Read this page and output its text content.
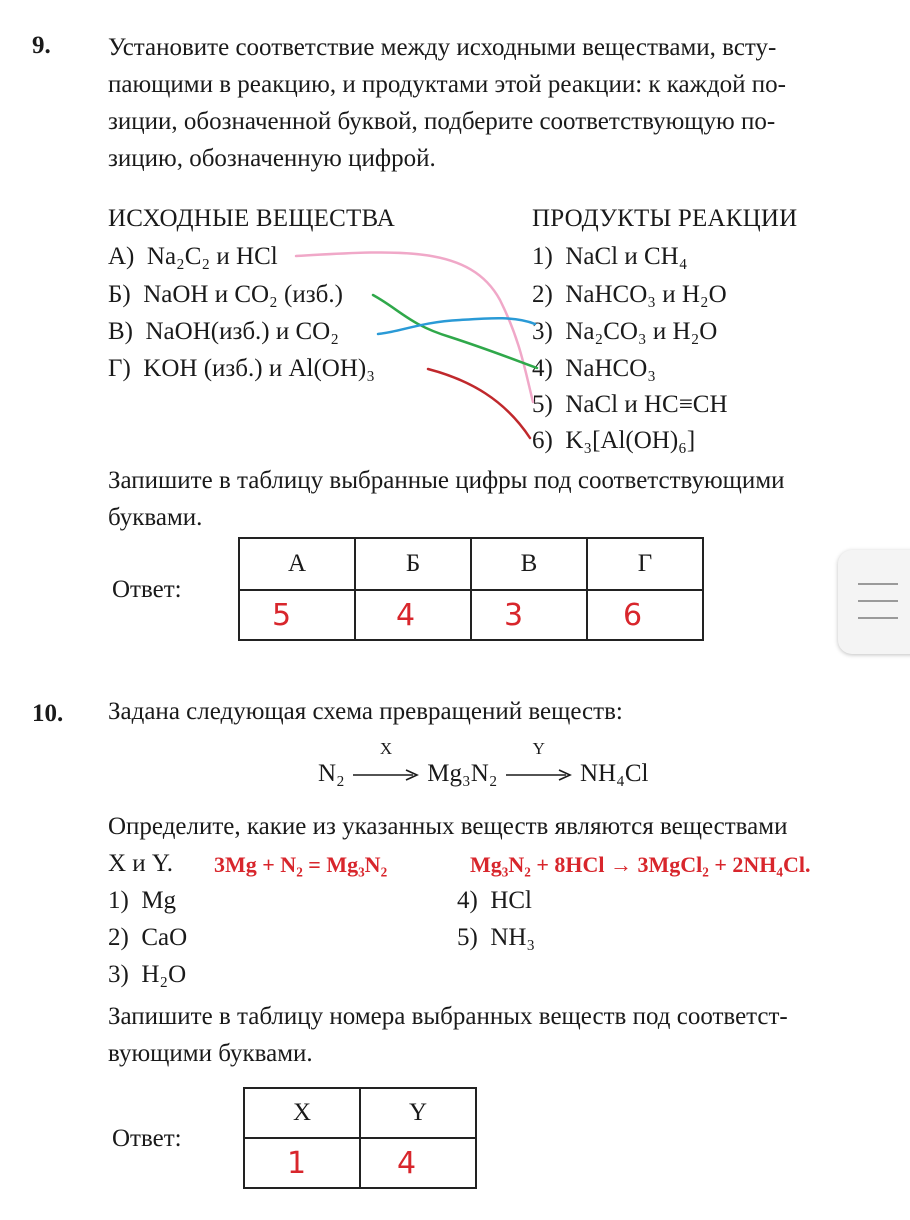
9. Установите соответствие между исходными веществами, всту-
пающими в реакцию, и продуктами этой реакции: к каждой по-
зиции, обозначенной буквой, подберите соответствующую по-
зицию, обозначенную цифрой.
ИСХОДНЫЕ ВЕЩЕСТВА	ПРОДУКТЫ РЕАКЦИИ
А) Na₂C₂ и HCl
Б) NaOH и CO₂ (изб.)
В) NaOH(изб.) и CO₂
Г) KOH (изб.) и Al(OH)₃
1) NaCl и CH₄
2) NaHCO₃ и H₂O
3) Na₂CO₃ и H₂O
4) NaHCO₃
5) NaCl и HC≡CH
6) K₃[Al(OH)₆]
Запишите в таблицу выбранные цифры под соответствующими
буквами.
Ответ:
А	Б	В	Г
5	4	3	6
10. Задана следующая схема превращений веществ:
N₂
X
Mg₃N₂
Y
NH₄Cl
Определите, какие из указанных веществ являются веществами
X и Y. 3Mg + N₂ = Mg₃N₂	Mg₃N₂ + 8HCl → 3MgCl₂ + 2NH₄Cl.
1) Mg
2) CaO
3) H₂O
4) HCl
5) NH₃
Запишите в таблицу номера выбранных веществ под соответст-
вующими буквами.
Ответ:
X	Y
1	4
